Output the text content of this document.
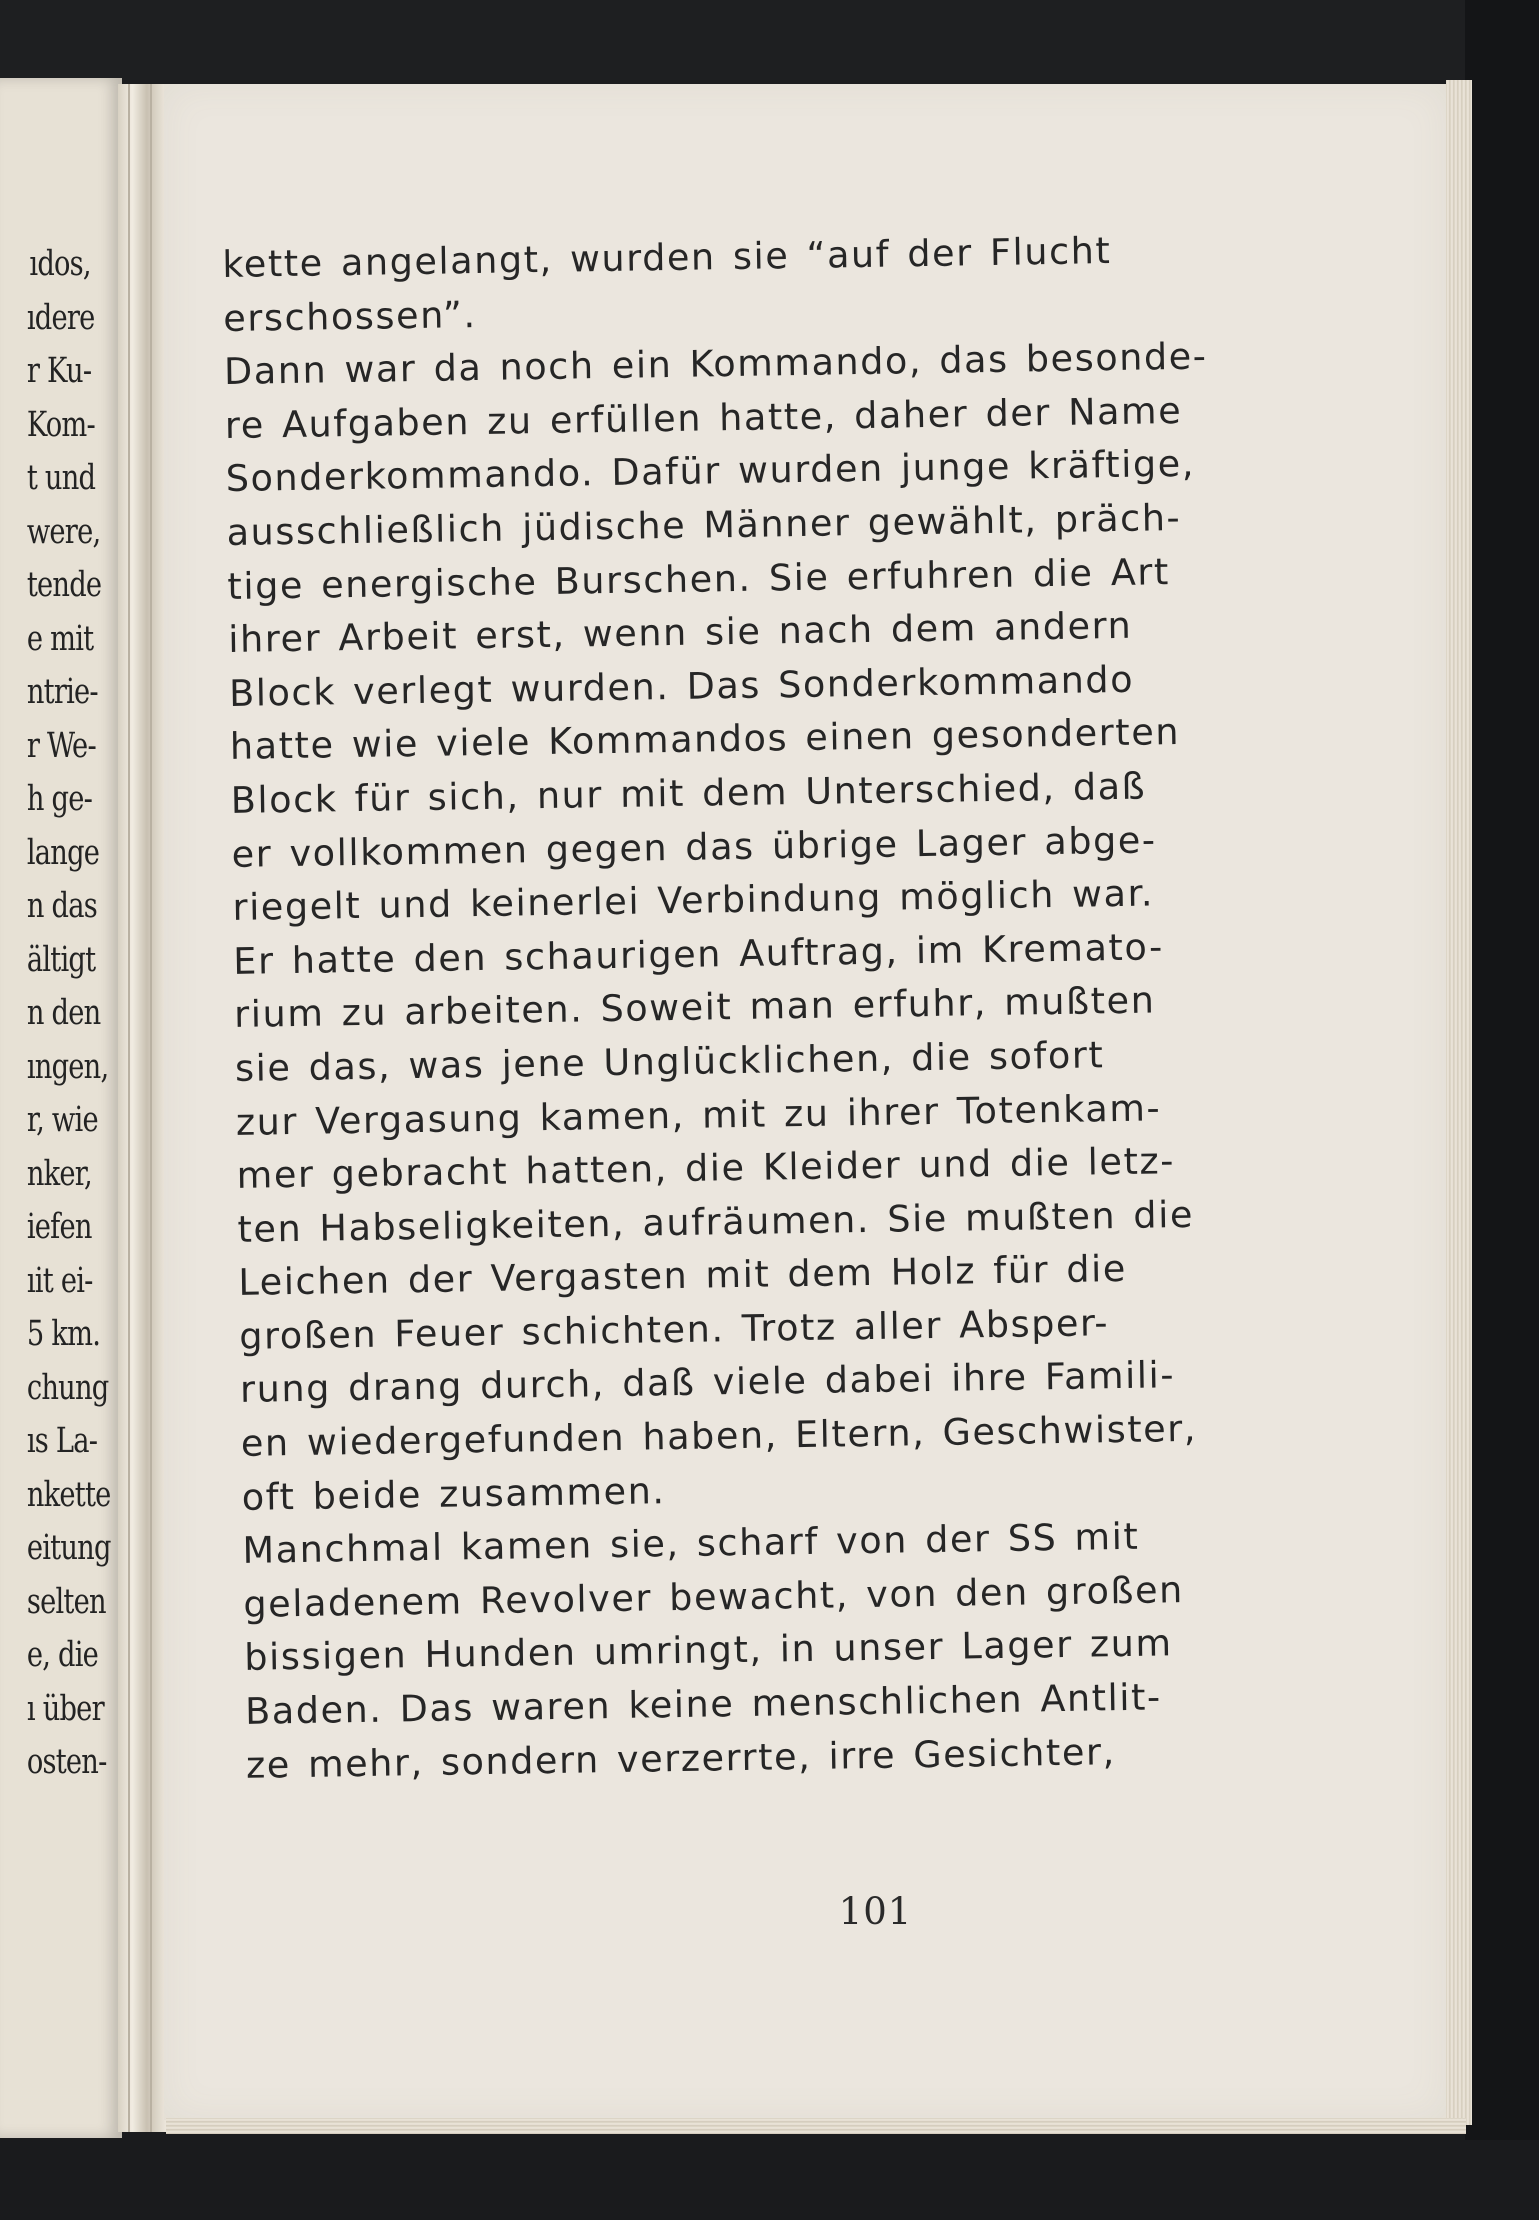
ıdos,
ıdere
r Ku-
Kom-
t und
were,
tende
e mit
ntrie-
r We-
h ge-
lange
n das
ältigt
n den
ıngen,
r, wie
nker,
iefen
ıit ei-
5 km.
chung
ıs La-
nkette
eitung
selten
e, die
ı über
osten-
kette angelangt, wurden sie “auf der Flucht
erschossen”.
Dann war da noch ein Kommando, das besonde-
re Aufgaben zu erfüllen hatte, daher der Name
Sonderkommando. Dafür wurden junge kräftige,
ausschließlich jüdische Männer gewählt, präch-
tige energische Burschen. Sie erfuhren die Art
ihrer Arbeit erst, wenn sie nach dem andern
Block verlegt wurden. Das Sonderkommando
hatte wie viele Kommandos einen gesonderten
Block für sich, nur mit dem Unterschied, daß
er vollkommen gegen das übrige Lager abge-
riegelt und keinerlei Verbindung möglich war.
Er hatte den schaurigen Auftrag, im Kremato-
rium zu arbeiten. Soweit man erfuhr, mußten
sie das, was jene Unglücklichen, die sofort
zur Vergasung kamen, mit zu ihrer Totenkam-
mer gebracht hatten, die Kleider und die letz-
ten Habseligkeiten, aufräumen. Sie mußten die
Leichen der Vergasten mit dem Holz für die
großen Feuer schichten. Trotz aller Absper-
rung drang durch, daß viele dabei ihre Famili-
en wiedergefunden haben, Eltern, Geschwister,
oft beide zusammen.
Manchmal kamen sie, scharf von der SS mit
geladenem Revolver bewacht, von den großen
bissigen Hunden umringt, in unser Lager zum
Baden. Das waren keine menschlichen Antlit-
ze mehr, sondern verzerrte, irre Gesichter,
101
